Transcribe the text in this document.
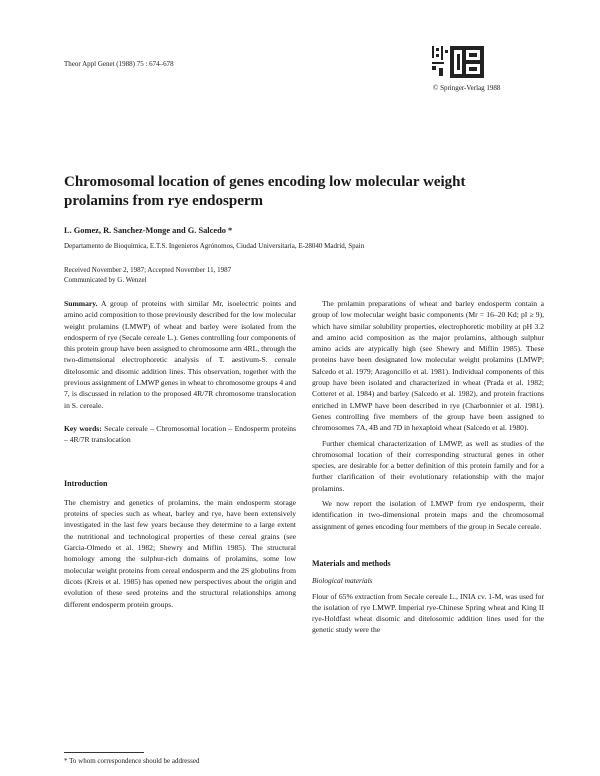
Theor Appl Genet (1988) 75 : 674–678
© Springer-Verlag 1988
Chromosomal location of genes encoding low molecular weight
prolamins from rye endosperm
L. Gomez, R. Sanchez-Monge and G. Salcedo *
Departamento de Bioquímica, E.T.S. Ingenieros Agrónomos, Ciudad Universitaria, E-28040 Madrid, Spain
Received November 2, 1987; Accepted November 11, 1987
Communicated by G. Wenzel

Summary. A group of proteins with similar Mr, isoelectric points and amino acid composition to those previously described for the low molecular weight prolamins (LMWP) of wheat and barley were isolated from the endosperm of rye (Secale cereale L.). Genes controlling four components of this protein group have been assigned to chromosome arm 4RL, through the two-dimensional electrophoretic analysis of T. aestivum-S. cereale ditelosomic and disomic addition lines. This observation, together with the previous assignment of LMWP genes in wheat to chromosome groups 4 and 7, is discussed in relation to the proposed 4R/7R chromosome translocation in S. cereale.

Key words: Secale cereale – Chromosomal location – Endosperm proteins – 4R/7R translocation

Introduction

The chemistry and genetics of prolamins, the main endosperm storage proteins of species such as wheat, barley and rye, have been extensively investigated in the last few years because they determine to a large extent the nutritional and technological properties of these cereal grains (see Garcia-Olmedo et al. 1982; Shewry and Miflin 1985). The structural homology among the sulphur-rich domains of prolamins, some low molecular weight proteins from cereal endosperm and the 2S globulins from dicots (Kreis et al. 1985) has opened new perspectives about the origin and evolution of these seed proteins and the structural relationships among different endosperm protein groups.

* To whom correspondence should be addressed

The prolamin preparations of wheat and barley endosperm contain a group of low molecular weight basic components (Mr = 16–20 Kd; pI ≥ 9), which have similar solubility properties, electrophoretic mobility at pH 3.2 and amino acid composition as the major prolamins, although sulphur amino acids are atypically high (see Shewry and Miflin 1985). These proteins have been designated low molecular weight prolamins (LMWP; Salcedo et al. 1979; Aragoncillo et al. 1981). Individual components of this group have been isolated and characterized in wheat (Prada et al. 1982; Cotteret et al. 1984) and barley (Salcedo et al. 1982), and protein fractions enriched in LMWP have been described in rye (Charbonnier et al. 1981). Genes controlling five members of the group have been assigned to chromosomes 7A, 4B and 7D in hexaploid wheat (Salcedo et al. 1980).

Further chemical characterization of LMWP, as well as studies of the chromosomal location of their corresponding structural genes in other species, are desirable for a better definition of this protein family and for a further clarification of their evolutionary relationship with the major prolamins.

We now report the isolation of LMWP from rye endosperm, their identification in two-dimensional protein maps and the chromosomal assignment of genes encoding four members of the group in Secale cereale.

Materials and methods
Biological materials

Flour of 65% extraction from Secale cereale L., INIA cv. 1-M, was used for the isolation of rye LMWP. Imperial rye-Chinese Spring wheat and King II rye-Holdfast wheat disomic and ditelosomic addition lines used for the genetic study were the
